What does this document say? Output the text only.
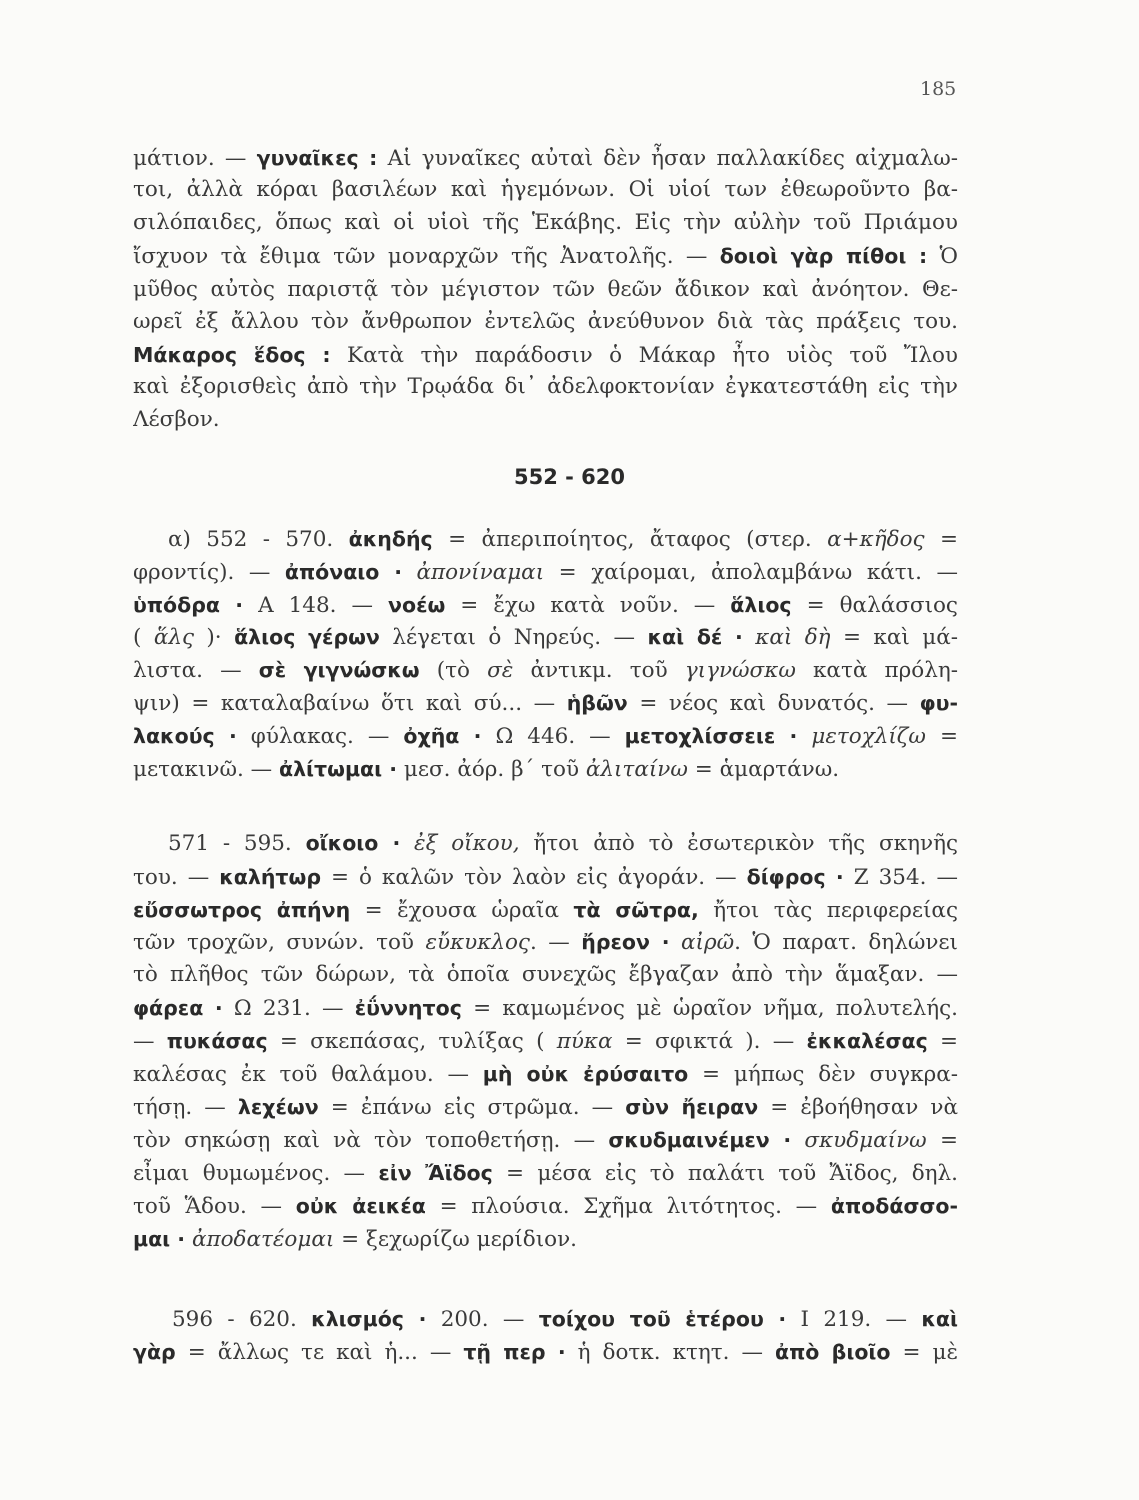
185
μάτιον. — γυναῖκες : Αἱ γυναῖκες αὐταὶ δὲν ἦσαν παλλακίδες αἰχμαλω-
τοι, ἀλλὰ κόραι βασιλέων καὶ ἡγεμόνων. Οἱ υἱοί των ἐθεωροῦντο βα-
σιλόπαιδες, ὅπως καὶ οἱ υἱοὶ τῆς Ἑκάβης. Εἰς τὴν αὐλὴν τοῦ Πριάμου
ἴσχυον τὰ ἔθιμα τῶν μοναρχῶν τῆς Ἀνατολῆς. — δοιοὶ γὰρ πίθοι : Ὁ
μῦθος αὐτὸς παριστᾷ τὸν μέγιστον τῶν θεῶν ἄδικον καὶ ἀνόητον. Θε-
ωρεῖ ἐξ ἄλλου τὸν ἄνθρωπον ἐντελῶς ἀνεύθυνον διὰ τὰς πράξεις του.
Μάκαρος ἕδος : Κατὰ τὴν παράδοσιν ὁ Μάκαρ ἦτο υἱὸς τοῦ Ἴλου
καὶ ἐξορισθεὶς ἀπὸ τὴν Τρῳάδα δι᾽ ἀδελφοκτονίαν ἐγκατεστάθη εἰς τὴν
Λέσβον.
552 - 620
α) 552 - 570. ἀκηδής = ἀπεριποίητος, ἄταφος (στερ. α+κῆδος =
φροντίς). — ἀπόναιο · ἀπονίναμαι = χαίρομαι, ἀπολαμβάνω κάτι. —
ὑπόδρα · Α 148. — νοέω = ἔχω κατὰ νοῦν. — ἅλιος = θαλάσσιος
( ἅλς )· ἅλιος γέρων λέγεται ὁ Νηρεύς. — καὶ δέ · καὶ δὴ = καὶ μά-
λιστα. — σὲ γιγνώσκω (τὸ σὲ ἀντικμ. τοῦ γιγνώσκω κατὰ πρόλη-
ψιν) = καταλαβαίνω ὅτι καὶ σύ... — ἡβῶν = νέος καὶ δυνατός. — φυ-
λακούς · φύλακας. — ὀχῆα · Ω 446. — μετοχλίσσειε · μετοχλίζω =
μετακινῶ. — ἀλίτωμαι · μεσ. ἀόρ. β΄ τοῦ ἀλιταίνω = ἁμαρτάνω.
571 - 595. οἴκοιο · ἐξ οἴκου, ἤτοι ἀπὸ τὸ ἐσωτερικὸν τῆς σκηνῆς
του. — καλήτωρ = ὁ καλῶν τὸν λαὸν εἰς ἀγοράν. — δίφρος · Ζ 354. —
εὔσσωτρος ἀπήνη = ἔχουσα ὡραῖα τὰ σῶτρα, ἤτοι τὰς περιφερείας
τῶν τροχῶν, συνών. τοῦ εὔκυκλος. — ἤρεον · αἰρῶ. Ὁ παρατ. δηλώνει
τὸ πλῆθος τῶν δώρων, τὰ ὁποῖα συνεχῶς ἔβγαζαν ἀπὸ τὴν ἅμαξαν. —
φάρεα · Ω 231. — ἐΰννητος = καμωμένος μὲ ὡραῖον νῆμα, πολυτελής.
— πυκάσας = σκεπάσας, τυλίξας ( πύκα = σφικτά ). — ἐκκαλέσας =
καλέσας ἐκ τοῦ θαλάμου. — μὴ οὐκ ἐρύσαιτο = μήπως δὲν συγκρα-
τήσῃ. — λεχέων = ἐπάνω εἰς στρῶμα. — σὺν ἤειραν = ἐβοήθησαν νὰ
τὸν σηκώσῃ καὶ νὰ τὸν τοποθετήσῃ. — σκυδμαινέμεν · σκυδμαίνω =
εἶμαι θυμωμένος. — εἰν Ἄϊδος = μέσα εἰς τὸ παλάτι τοῦ Ἄϊδος, δηλ.
τοῦ Ἅδου. — οὐκ ἀεικέα = πλούσια. Σχῆμα λιτότητος. — ἀποδάσσο-
μαι · ἀποδατέομαι = ξεχωρίζω μερίδιον.
596 - 620. κλισμός · 200. — τοίχου τοῦ ἑτέρου · Ι 219. — καὶ
γὰρ = ἄλλως τε καὶ ἡ... — τῇ περ · ἡ δοτκ. κτητ. — ἀπὸ βιοῖο = μὲ
